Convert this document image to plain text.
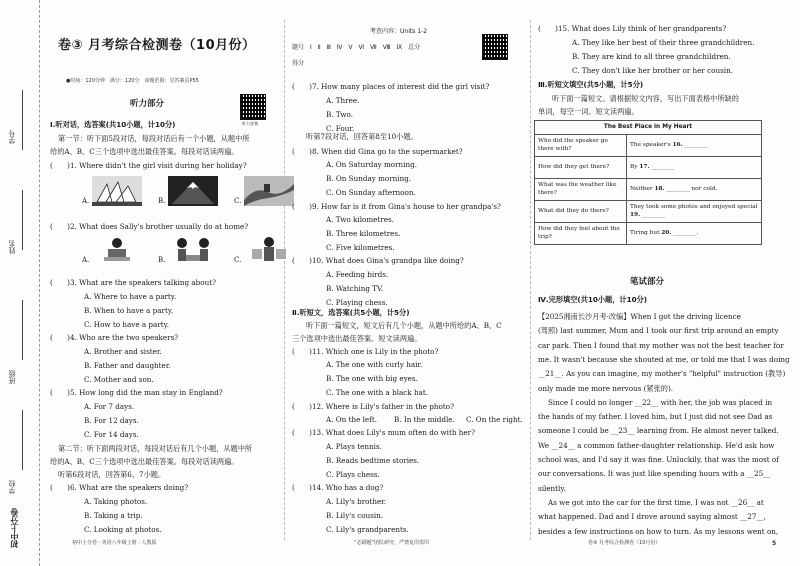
学号
姓名
班级
学校
初中上分卷
卷③ 月考综合检测卷（10月份）
●时间：120分钟　满分：120分　命题范围：见答案页P55
听力音频
听力部分
Ⅰ.听对话，选答案(共10小题，计10分)
第一节：听下面5段对话，每段对话后有一个小题，从题中所
给的A、B、C三个选项中选出最佳答案。每段对话读两遍。
(　　)1. Where didn't the girl visit during her holiday?
A.	B.	C.
(　　)2. What does Sally's brother usually do at home?
A.	B.	C.
(　　)3. What are the speakers talking about?
A. Where to have a party.
B. When to have a party.
C. How to have a party.
(　　)4. Who are the two speakers?
A. Brother and sister.
B. Father and daughter.
C. Mother and son.
(　　)5. How long did the man stay in England?
A. For 7 days.
B. For 12 days.
C. For 14 days.
第二节：听下面两段对话，每段对话后有几个小题，从题中所
给的A、B、C三个选项中选出最佳答案。每段对话读两遍。
听第6段对话，回答第6、7小题。
(　　)6. What are the speakers doing?
A. Taking photos.
B. Taking a trip.
C. Looking at photos.
考查内容：Units 1-2
题号　Ⅰ　Ⅱ　Ⅲ　Ⅳ　Ⅴ　Ⅵ　Ⅶ　Ⅷ　Ⅸ　总分
得分
(　　)7. How many places of interest did the girl visit?
A. Three.
B. Two.
C. Four.
听第7段对话，回答第8至10小题。
(　　)8. When did Gina go to the supermarket?
A. On Saturday morning.
B. On Sunday morning.
C. On Sunday afternoon.
(　　)9. How far is it from Gina's house to her grandpa's?
A. Two kilometres.
B. Three kilometres.
C. Five kilometres.
(　　)10. What does Gina's grandpa like doing?
A. Feeding birds.
B. Watching TV.
C. Playing chess.
Ⅱ.听短文，选答案(共5小题，计5分)
听下面一篇短文，短文后有几个小题，从题中所给的A、B、C
三个选项中选出最佳答案。短文读两遍。
(　　)11. Which one is Lily in the photo?
A. The one with curly hair.
B. The one with big eyes.
C. The one with a black hat.
(　　)12. Where is Lily's father in the photo?
A. On the left. B. In the middle. C. On the right.
(　　)13. What does Lily's mum often do with her?
A. Plays tennis.
B. Reads bedtime stories.
C. Plays chess.
(　　)14. Who has a dog?
A. Lily's brother.
B. Lily's cousin.
C. Lily's grandparents.
(　　)15. What does Lily think of her grandparents?
A. They like her best of their three grandchildren.
B. They are kind to all three grandchildren.
C. They don't like her brother or her cousin.
Ⅲ.听短文填空(共5小题，计5分)
听下面一篇短文。请根据短文内容，写出下面表格中所缺的
单词，每空一词。短文读两遍。
The Best Place in My Heart	
Who did the speaker go there with?	The speaker's 16. ________
How did they get there?	By 17. ________
What was the weather like there?	Neither 18. ________ nor cold.
What did they do there?	They took some photos and enjoyed special 19. ________
How did they feel about the trip?	Tiring but 20. ________.
笔试部分
Ⅳ.完形填空(共10小题，计10分)
【2025湘南长沙月考·改编】When I got the driving licence
(驾照) last summer, Mum and I took our first trip around an empty
car park. Then I found that my mother was not the best teacher for
me. It wasn't because she shouted at me, or told me that I was doing
__21__. As you can imagine, my mother's "helpful" instruction (教导)
only made me more nervous (紧张的).
Since I could no longer __22__ with her, the job was placed in
the hands of my father. I loved him, but I just did not see Dad as
someone I could be __23__ learning from. He almost never talked.
We __24__ a common father-daughter relationship. He'd ask how
school was, and I'd say it was fine. Unluckily, that was the most of
our conversations. It was just like spending hours with a __25__
silently.
As we got into the car for the first time, I was not __26__ at
what happened. Dad and I drove around saying almost __27__,
besides a few instructions on how to turn. As my lessons went on,
初中上分卷 · 英语八年级上册 · 人教版	“必刷题”团队研究，严禁复印盗印	卷③ 月考综合检测卷（10月份）	5
